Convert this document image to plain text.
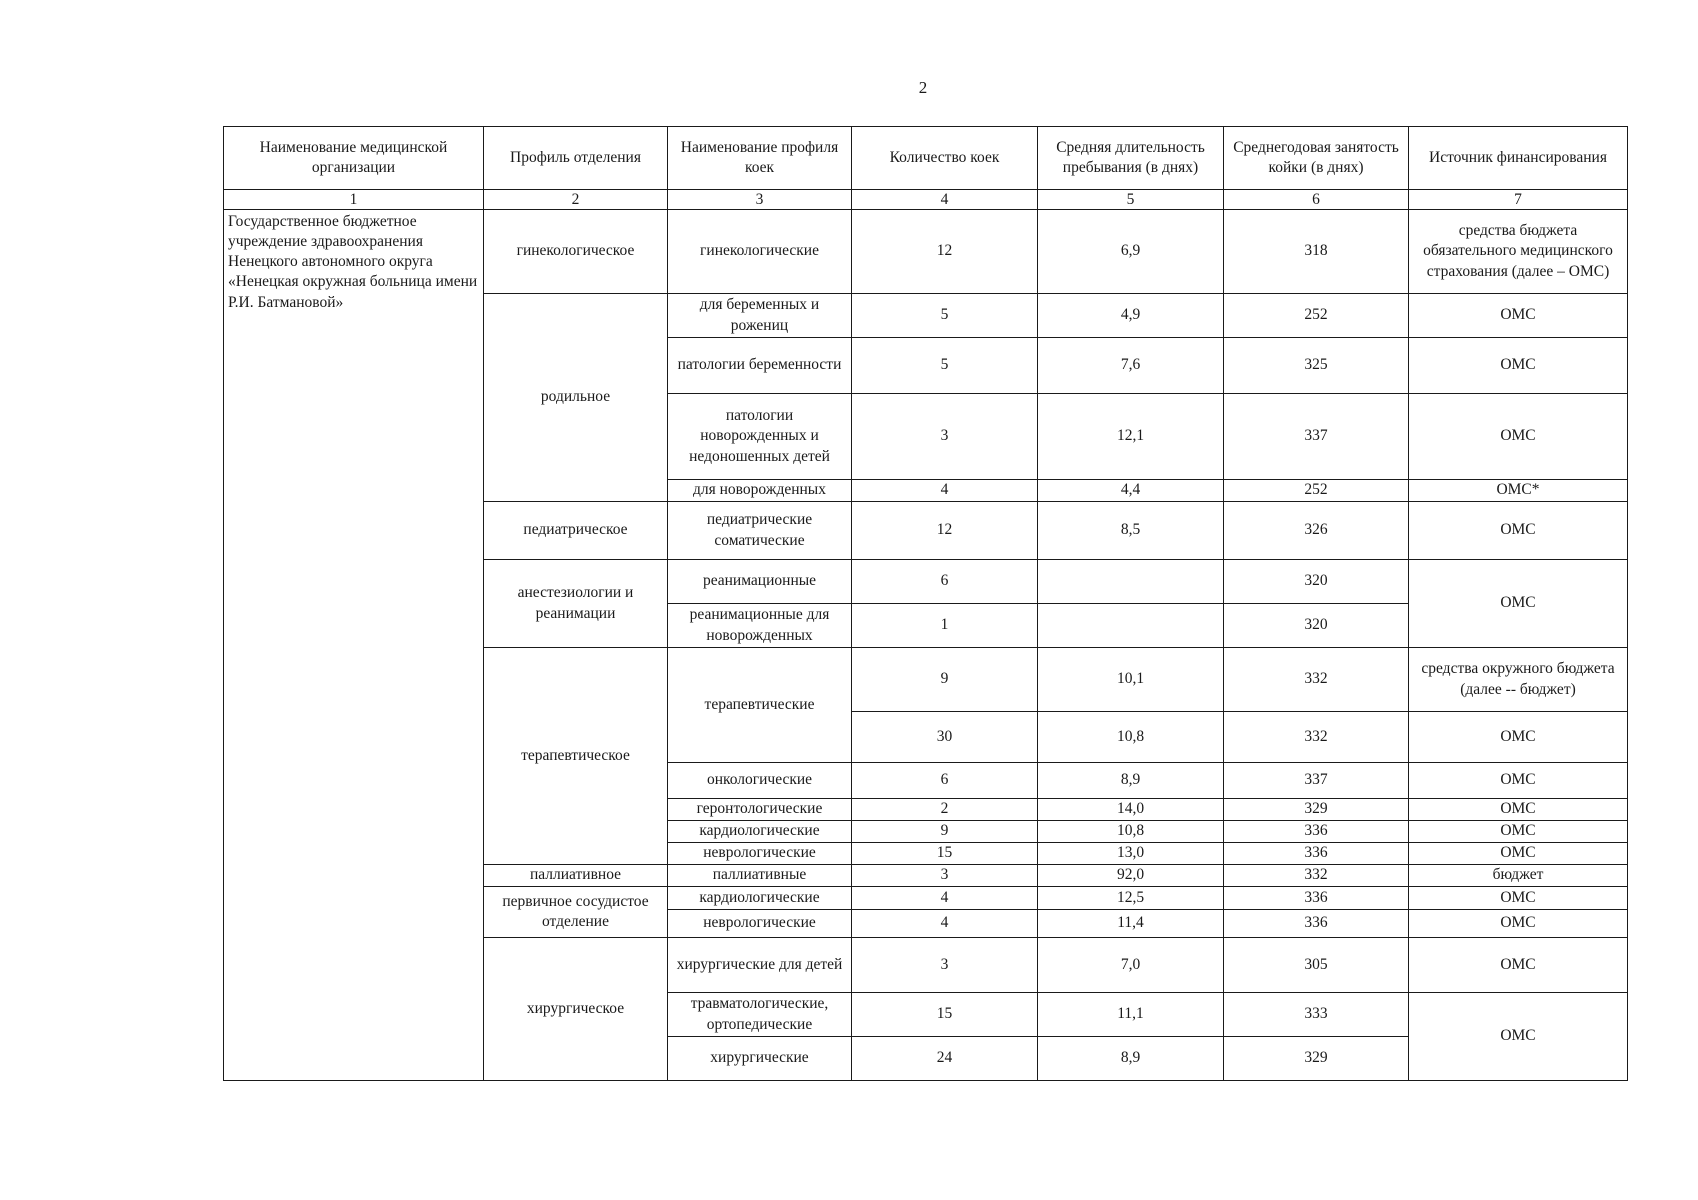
2
Наименование медицинской организации	Профиль отделения	Наименование профиля коек	Количество коек	Средняя длительность пребывания (в днях)	Среднегодовая занятость койки (в днях)	Источник финансирования
1	2	3	4	5	6	7
Государственное бюджетное учреждение здравоохранения Ненецкого автономного округа «Ненецкая окружная больница имени Р.И. Батмановой»	гинекологическое	гинекологические	12	6,9	318	средства бюджета обязательного медицинского страхования (далее – ОМС)
	родильное	для беременных и рожениц	5	4,9	252	ОМС
		патологии беременности	5	7,6	325	ОМС
		патологии новорожденных и недоношенных детей	3	12,1	337	ОМС
		для новорожденных	4	4,4	252	ОМС*
	педиатрическое	педиатрические соматические	12	8,5	326	ОМС
	анестезиологии и реанимации	реанимационные	6		320	ОМС
		реанимационные для новорожденных	1		320	
	терапевтическое	терапевтические	9	10,1	332	средства окружного бюджета (далее -- бюджет)
			30	10,8	332	ОМС
		онкологические	6	8,9	337	ОМС
		геронтологические	2	14,0	329	ОМС
		кардиологические	9	10,8	336	ОМС
		неврологические	15	13,0	336	ОМС
	паллиативное	паллиативные	3	92,0	332	бюджет
	первичное сосудистое отделение	кардиологические	4	12,5	336	ОМС
		неврологические	4	11,4	336	ОМС
	хирургическое	хирургические для детей	3	7,0	305	ОМС
		травматологические, ортопедические	15	11,1	333	ОМС
		хирургические	24	8,9	329	
